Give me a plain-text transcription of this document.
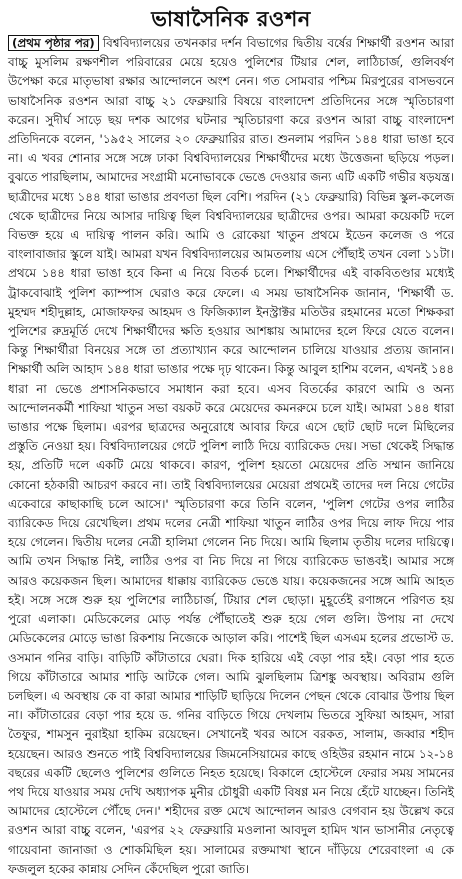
ভাষাসৈনিক রওশন
(প্রথম পৃষ্ঠার পর) বিশ্ববিদ্যালয়ের তখনকার দর্শন বিভাগের দ্বিতীয় বর্ষের শিক্ষার্থী রওশন আরা বাচ্চু মুসলিম রক্ষণশীল পরিবারের মেয়ে হয়েও পুলিশের টিয়ার শেল, লাঠিচার্জ, গুলিবর্ষণ উপেক্ষা করে মাতৃভাষা রক্ষার আন্দোলনে অংশ নেন। গত সোমবার পশ্চিম মিরপুরের বাসভবনে ভাষাসৈনিক রওশন আরা বাচ্চু ২১ ফেব্রুয়ারি বিষয়ে বাংলাদেশ প্রতিদিনের সঙ্গে স্মৃতিচারণা করেন। সুদীর্ঘ সাড়ে ছয় দশক আগের ঘটনার স্মৃতিচারণা করে রওশন আরা বাচ্চু বাংলাদেশ প্রতিদিনকে বলেন, '১৯৫২ সালের ২০ ফেব্রুয়ারির রাত। শুনলাম পরদিন ১৪৪ ধারা ভাঙা হবে না। এ খবর শোনার সঙ্গে সঙ্গে ঢাকা বিশ্ববিদ্যালয়ের শিক্ষার্থীদের মধ্যে উত্তেজনা ছড়িয়ে পড়ল। বুঝতে পারছিলাম, আমাদের সংগ্রামী মনোভাবকে ভেঙে দেওয়ার জন্য এটি একটি গভীর ষড়যন্ত্র। ছাত্রীদের মধ্যে ১৪৪ ধারা ভাঙার প্রবণতা ছিল বেশি। পরদিন (২১ ফেব্রুয়ারি) বিভিন্ন স্কুল-কলেজ থেকে ছাত্রীদের নিয়ে আসার দায়িত্ব ছিল বিশ্ববিদ্যালয়ের ছাত্রীদের ওপর। আমরা কয়েকটি দলে বিভক্ত হয়ে এ দায়িত্ব পালন করি। আমি ও রোকেয়া খাতুন প্রথমে ইডেন কলেজ ও পরে বাংলাবাজার স্কুলে যাই। আমরা যখন বিশ্ববিদ্যালয়ের আমতলায় এসে পৌঁছাই তখন বেলা ১১টা। প্রথমে ১৪৪ ধারা ভাঙা হবে কিনা এ নিয়ে বিতর্ক চলে। শিক্ষার্থীদের এই বাকবিতণ্ডার মধ্যেই ট্রাকবোঝাই পুলিশ ক্যাম্পাস ঘেরাও করে ফেলে। এ সময় ভাষাসৈনিক জানান, 'শিক্ষার্থী ড. মুহম্মদ শহীদুল্লাহ, মোজাফফর আহমদ ও ফিজিক্যাল ইনস্ট্রাক্টর মতিউর রহমানের মতো শিক্ষকরা পুলিশের রুদ্রমূর্তি দেখে শিক্ষার্থীদের ক্ষতি হওয়ার আশঙ্কায় আমাদের হলে ফিরে যেতে বলেন। কিন্তু শিক্ষার্থীরা বিনয়ের সঙ্গে তা প্রত্যাখ্যান করে আন্দোলন চালিয়ে যাওয়ার প্রত্যয় জানান। শিক্ষার্থী অলি আহাদ ১৪৪ ধারা ভাঙার পক্ষে দৃঢ় থাকেন। কিন্তু আবুল হাশিম বলেন, এখনই ১৪৪ ধারা না ভেঙে প্রশাসনিকভাবে সমাধান করা হবে। এসব বিতর্কের কারণে আমি ও অন্য আন্দোলনকর্মী শাফিয়া খাতুন সভা বয়কট করে মেয়েদের কমনরুমে চলে যাই। আমরা ১৪৪ ধারা ভাঙার পক্ষে ছিলাম। এরপর ছাত্রদের অনুরোধে আবার ফিরে এসে ছোট ছোট দলে মিছিলের প্রস্তুতি নেওয়া হয়। বিশ্ববিদ্যালয়ের গেটে পুলিশ লাঠি দিয়ে ব্যারিকেড দেয়। সভা থেকেই সিদ্ধান্ত হয়, প্রতিটি দলে একটি মেয়ে থাকবে। কারণ, পুলিশ হয়তো মেয়েদের প্রতি সম্মান জানিয়ে কোনো হঠকারী আচরণ করবে না। তাই বিশ্ববিদ্যালয়ের মেয়েরা প্রথমেই তাদের দল নিয়ে গেটের একেবারে কাছাকাছি চলে আসে।' স্মৃতিচারণা করে তিনি বলেন, 'পুলিশ গেটের ওপর লাঠির ব্যারিকেড দিয়ে রেখেছিল। প্রথম দলের নেত্রী শাফিয়া খাতুন লাঠির ওপর দিয়ে লাফ দিয়ে পার হয়ে গেলেন। দ্বিতীয় দলের নেত্রী হালিমা গেলেন নিচ দিয়ে। আমি ছিলাম তৃতীয় দলের দায়িত্বে। আমি তখন সিদ্ধান্ত নিই, লাঠির ওপর বা নিচ দিয়ে না গিয়ে ব্যারিকেড ভাঙবই। আমার সঙ্গে আরও কয়েকজন ছিল। আমাদের ধাক্কায় ব্যারিকেড ভেঙে যায়। কয়েকজনের সঙ্গে আমি আহত হই। সঙ্গে সঙ্গে শুরু হয় পুলিশের লাঠিচার্জ, টিয়ার শেল ছোড়া। মুহূর্তেই রণাঙ্গনে পরিণত হয় পুরো এলাকা। মেডিকেলের মোড় পর্যন্ত পৌঁছাতেই শুরু হয়ে গেল গুলি। উপায় না দেখে মেডিকেলের মোড়ে ভাঙা রিকশায় নিজেকে আড়াল করি। পাশেই ছিল এসএম হলের প্রভোস্ট ড. ওসমান গনির বাড়ি। বাড়িটি কাঁটাতারে ঘেরা। দিক হারিয়ে এই বেড়া পার হই। বেড়া পার হতে গিয়ে কাঁটাতারে আমার শাড়ি আটকে গেল। আমি ঝুলছিলাম ত্রিশঙ্কু অবস্থায়। অবিরাম গুলি চলছিল। এ অবস্থায় কে বা কারা আমার শাড়িটি ছাড়িয়ে দিলেন পেছন থেকে বোঝার উপায় ছিল না। কাঁটাতারের বেড়া পার হয়ে ড. গনির বাড়িতে গিয়ে দেখলাম ভিতরে সুফিয়া আহমদ, সারা তৈফুর, শামসুন নুরাইয়া হাকিম রয়েছেন। সেখানেই খবর আসে বরকত, সালাম, জব্বার শহীদ হয়েছেন। আরও শুনতে পাই বিশ্ববিদ্যালয়ের জিমনেসিয়ামের কাছে ওহিউর রহমান নামে ১২-১৪ বছরের একটি ছেলেও পুলিশের গুলিতে নিহত হয়েছে। বিকালে হোস্টেলে ফেরার সময় সামনের পথ দিয়ে যাওয়ার সময় দেখি অধ্যাপক মুনীর চৌধুরী একটি বিষণ্ণ মন নিয়ে হেঁটে যাচ্ছেন। তিনিই আমাদের হোস্টেলে পৌঁছে দেন।' শহীদের রক্ত মেখে আন্দোলন আরও বেগবান হয় উল্লেখ করে রওশন আরা বাচ্চু বলেন, 'এরপর ২২ ফেব্রুয়ারি মওলানা আবদুল হামিদ খান ভাসানীর নেতৃত্বে গায়েবানা জানাজা ও শোকমিছিল হয়। সালামের রক্তমাখা স্থানে দাঁড়িয়ে শেরেবাংলা এ কে ফজলুল হকের কান্নায় সেদিন কেঁদেছিল পুরো জাতি।
